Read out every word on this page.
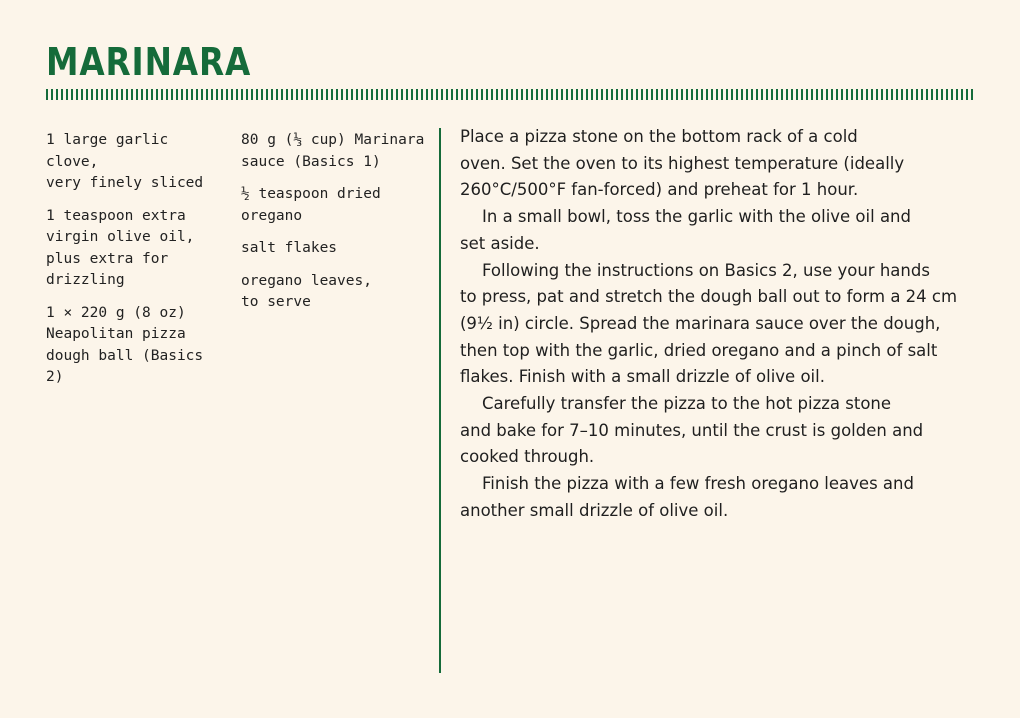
MARINARA

1 large garlic clove,
very finely sliced

1 teaspoon extra
virgin olive oil,
plus extra for
drizzling

1 × 220 g (8 oz)
Neapolitan pizza
dough ball (Basics 2)

80 g (⅓ cup) Marinara
sauce (Basics 1)

½ teaspoon dried
oregano

salt flakes

oregano leaves,
to serve

Place a pizza stone on the bottom rack of a cold
oven. Set the oven to its highest temperature (ideally
260°C/500°F fan-forced) and preheat for 1 hour.

In a small bowl, toss the garlic with the olive oil and
set aside.

Following the instructions on Basics 2, use your hands
to press, pat and stretch the dough ball out to form a 24 cm
(9½ in) circle. Spread the marinara sauce over the dough,
then top with the garlic, dried oregano and a pinch of salt
flakes. Finish with a small drizzle of olive oil.

Carefully transfer the pizza to the hot pizza stone
and bake for 7–10 minutes, until the crust is golden and
cooked through.

Finish the pizza with a few fresh oregano leaves and
another small drizzle of olive oil.
